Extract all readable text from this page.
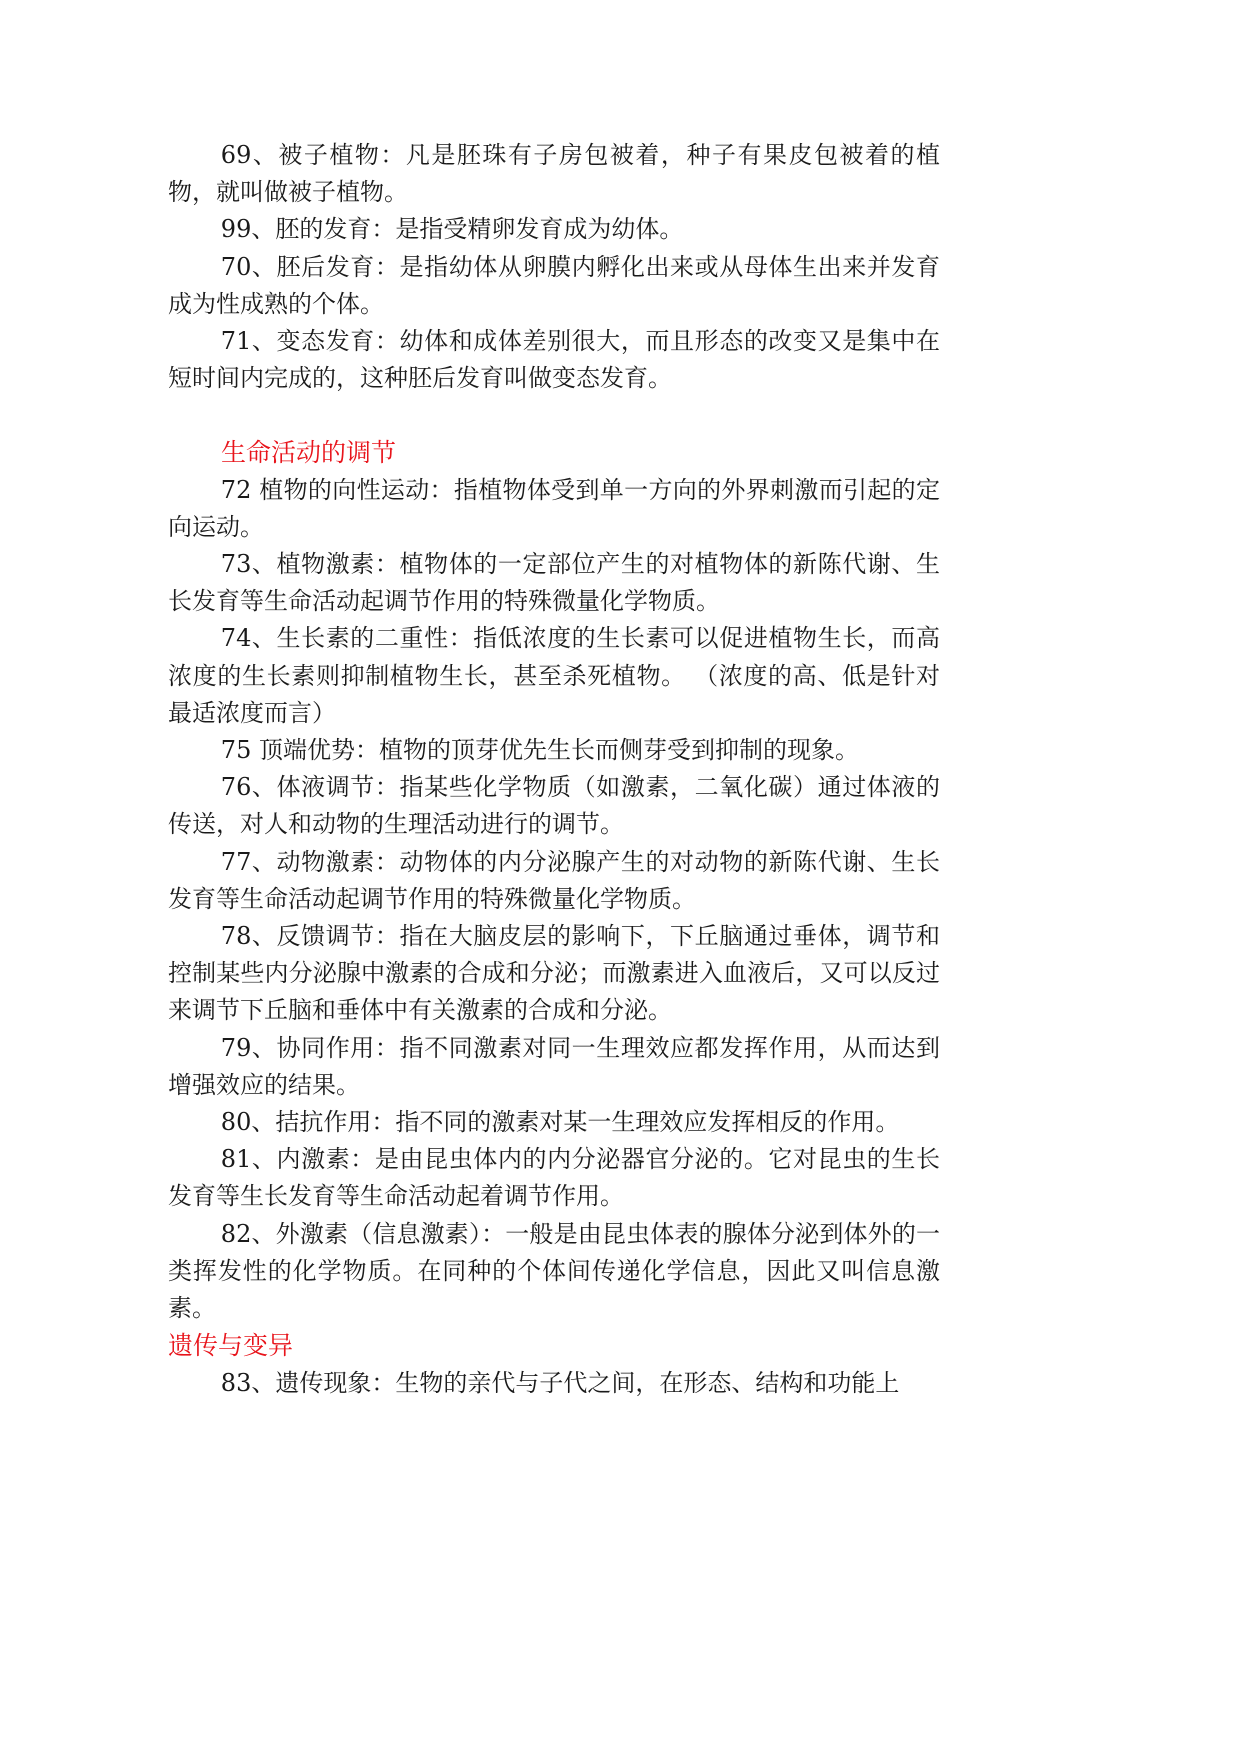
69、被子植物：凡是胚珠有子房包被着，种子有果皮包被着的植物，就叫做被子植物。

99、胚的发育：是指受精卵发育成为幼体。

70、胚后发育：是指幼体从卵膜内孵化出来或从母体生出来并发育成为性成熟的个体。

71、变态发育：幼体和成体差别很大，而且形态的改变又是集中在短时间内完成的，这种胚后发育叫做变态发育。

生命活动的调节

72 植物的向性运动：指植物体受到单一方向的外界刺激而引起的定向运动。

73、植物激素：植物体的一定部位产生的对植物体的新陈代谢、生长发育等生命活动起调节作用的特殊微量化学物质。

74、生长素的二重性：指低浓度的生长素可以促进植物生长，而高浓度的生长素则抑制植物生长，甚至杀死植物。 （浓度的高、低是针对最适浓度而言）

75 顶端优势：植物的顶芽优先生长而侧芽受到抑制的现象。

76、体液调节：指某些化学物质（如激素，二氧化碳）通过体液的传送，对人和动物的生理活动进行的调节。

77、动物激素：动物体的内分泌腺产生的对动物的新陈代谢、生长发育等生命活动起调节作用的特殊微量化学物质。

78、反馈调节：指在大脑皮层的影响下，下丘脑通过垂体，调节和控制某些内分泌腺中激素的合成和分泌；而激素进入血液后，又可以反过来调节下丘脑和垂体中有关激素的合成和分泌。

79、协同作用：指不同激素对同一生理效应都发挥作用，从而达到增强效应的结果。

80、拮抗作用：指不同的激素对某一生理效应发挥相反的作用。

81、内激素：是由昆虫体内的内分泌器官分泌的。它对昆虫的生长发育等生长发育等生命活动起着调节作用。

82、外激素（信息激素）：一般是由昆虫体表的腺体分泌到体外的一类挥发性的化学物质。在同种的个体间传递化学信息，因此又叫信息激素。

遗传与变异

83、遗传现象：生物的亲代与子代之间，在形态、结构和功能上
